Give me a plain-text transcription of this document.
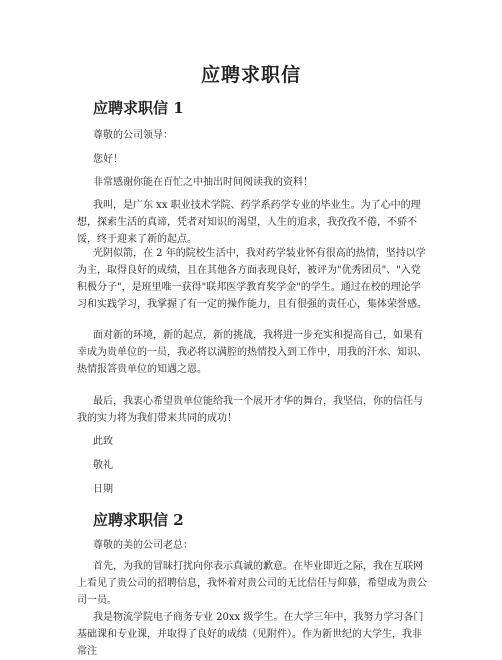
应聘求职信
应聘求职信 1

尊敬的公司领导：

您好！

非常感谢你能在百忙之中抽出时间阅读我的资料！

我叫，是广东 xx 职业技术学院、药学系药学专业的毕业生。为了心中的理想，探索生活的真谛，凭者对知识的渴望，人生的追求，我孜孜不倦，不骄不馁，终于迎来了新的起点。

光阴似箭，在 2 年的院校生活中，我对药学装业怀有很高的热情，坚持以学为主，取得良好的成绩，且在其他各方面表现良好，被评为"优秀团员"、"入党积极分子"，是班里唯一获得"联邦医学教育奖学金"的学生。通过在校的理论学习和实践学习，我掌握了有一定的操作能力，且有很强的责任心，集体荣誉感。

面对新的环境，新的起点，新的挑战，我将进一步充实和提高自己，如果有幸成为贵单位的一员，我必将以满腔的热情投入到工作中，用我的汗水、知识、热情报答贵单位的知遇之恩。

最后，我衷心希望贵单位能给我一个展开才华的舞台，我坚信，你的信任与我的实力将为我们带来共同的成功！

此致

敬礼

日期

应聘求职信 2

尊敬的美的公司老总：

首先，为我的冒昧打扰向你表示真诚的歉意。在毕业即近之际，我在互联网上看见了贵公司的招聘信息，我怀着对贵公司的无比信任与仰慕，希望成为贵公司一员。

我是物流学院电子商务专业 20xx 级学生。在大学三年中，我努力学习各门基础课和专业课，并取得了良好的成绩（见附件）。作为新世纪的大学生，我非常注
